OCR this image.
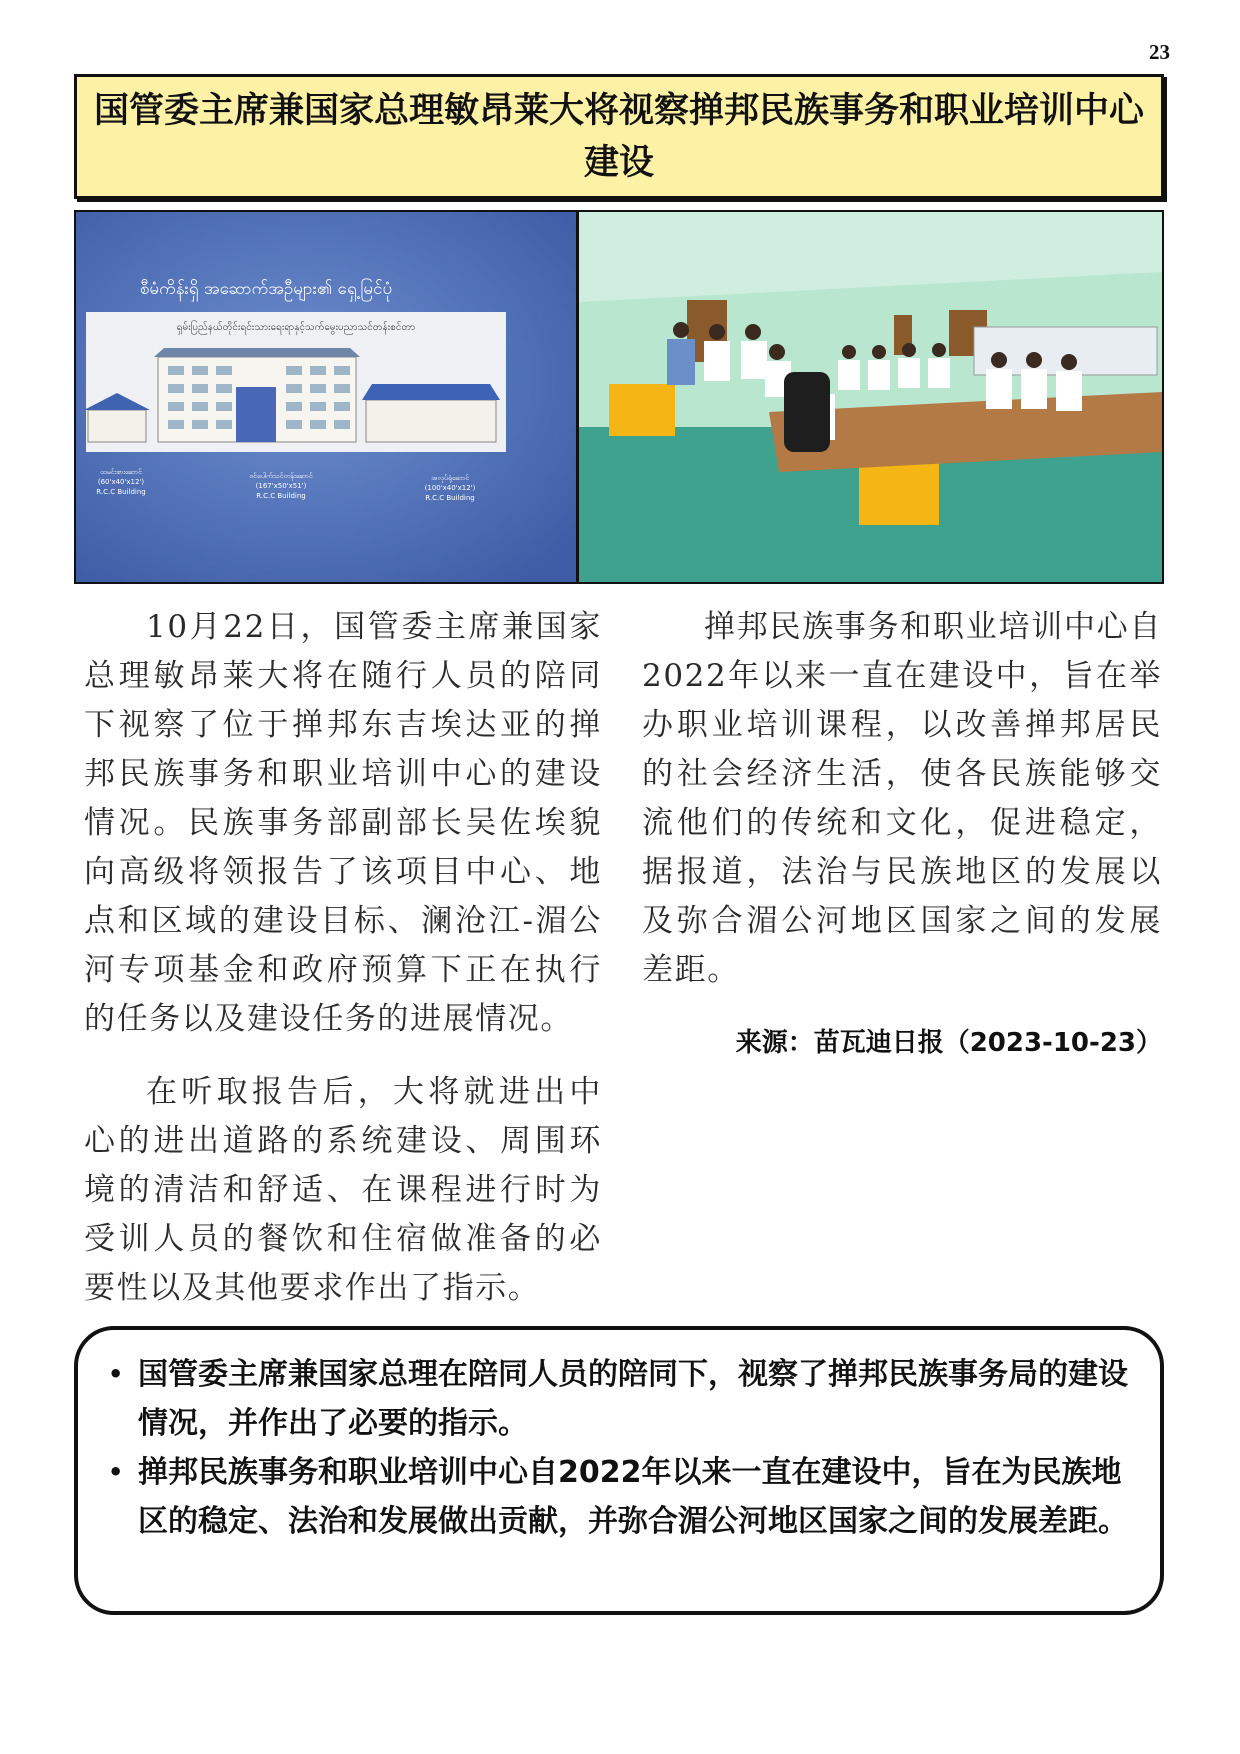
23
国管委主席兼国家总理敏昂莱大将视察掸邦民族事务和职业培训中心建设
စီမံကိန်းရှိ အဆောက်အဦများ၏ ရှေ့မြင်ပုံ
ရှမ်းပြည်နယ်တိုင်းရင်းသားရေးရာနှင့်သက်မွေးပညာသင်တန်းစင်တာ
ထမင်းစားဆောင်
(60'x40'x12')
R.C.C Building
ဝင်ပေါက်သင်တန်းဆောင်
(167'x50'x51')
R.C.C Building
အလုပ်ရုံဆောင်
(100'x40'x12')
R.C.C Building

10月22日，国管委主席兼国家总理敏昂莱大将在随行人员的陪同下视察了位于掸邦东吉埃达亚的掸邦民族事务和职业培训中心的建设情况。民族事务部副部长吴佐埃貌向高级将领报告了该项目中心、地点和区域的建设目标、澜沧江-湄公河专项基金和政府预算下正在执行的任务以及建设任务的进展情况。

在听取报告后，大将就进出中心的进出道路的系统建设、周围环境的清洁和舒适、在课程进行时为受训人员的餐饮和住宿做准备的必要性以及其他要求作出了指示。

掸邦民族事务和职业培训中心自2022年以来一直在建设中，旨在举办职业培训课程，以改善掸邦居民的社会经济生活，使各民族能够交流他们的传统和文化，促进稳定，据报道，法治与民族地区的发展以及弥合湄公河地区国家之间的发展差距。

来源：苗瓦迪日报（2023-10-23）
• 国管委主席兼国家总理在陪同人员的陪同下，视察了掸邦民族事务局的建设情况，并作出了必要的指示。
• 掸邦民族事务和职业培训中心自2022年以来一直在建设中，旨在为民族地区的稳定、法治和发展做出贡献，并弥合湄公河地区国家之间的发展差距。
